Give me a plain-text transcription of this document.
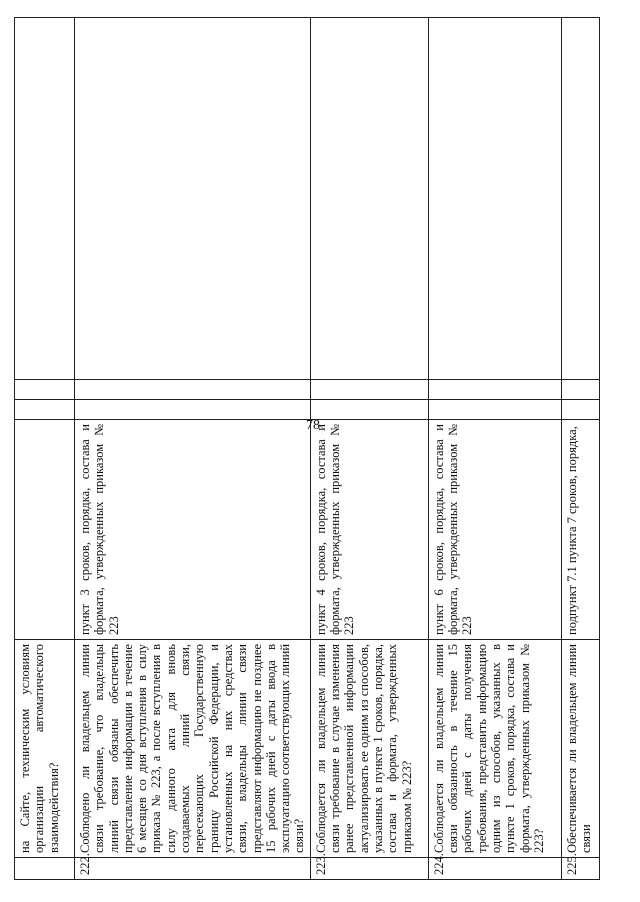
78
	на Сайте, техническим условиям организации автоматического взаимодействия?				
222.	Соблюдено ли владельцем линии связи требование, что владельцы линий связи обязаны обеспечить представление информации в течение 6 месяцев со дня вступления в силу приказа № 223, а после вступления в силу данного акта для вновь создаваемых линий связи, пересекающих Государственную границу Российской Федерации, и установленных на них средствах связи, владельцы линии связи представляют информацию не позднее 15 рабочих дней с даты ввода в эксплуатацию соответствующих линий связи?	пункт 3 сроков, порядка, состава и формата, утвержденных приказом № 223			
223.	Соблюдается ли владельцем линии связи требование в случае изменения ранее представленной информации актуализировать ее одним из способов, указанных в пункте 1 сроков, порядка, состава и формата, утвержденных приказом № 223?	пункт 4 сроков, порядка, состава и формата, утвержденных приказом № 223			
224.	Соблюдается ли владельцем линии связи обязанность в течение 15 рабочих дней с даты получения требования, представить информацию одним из способов, указанных в пункте 1 сроков, порядка, состава и формата, утвержденных приказом № 223?	пункт 6 сроков, порядка, состава и формата, утвержденных приказом № 223			
225.	Обеспечивается ли владельцем линии связи	подпункт 7.1 пункта 7 сроков, порядка,			
